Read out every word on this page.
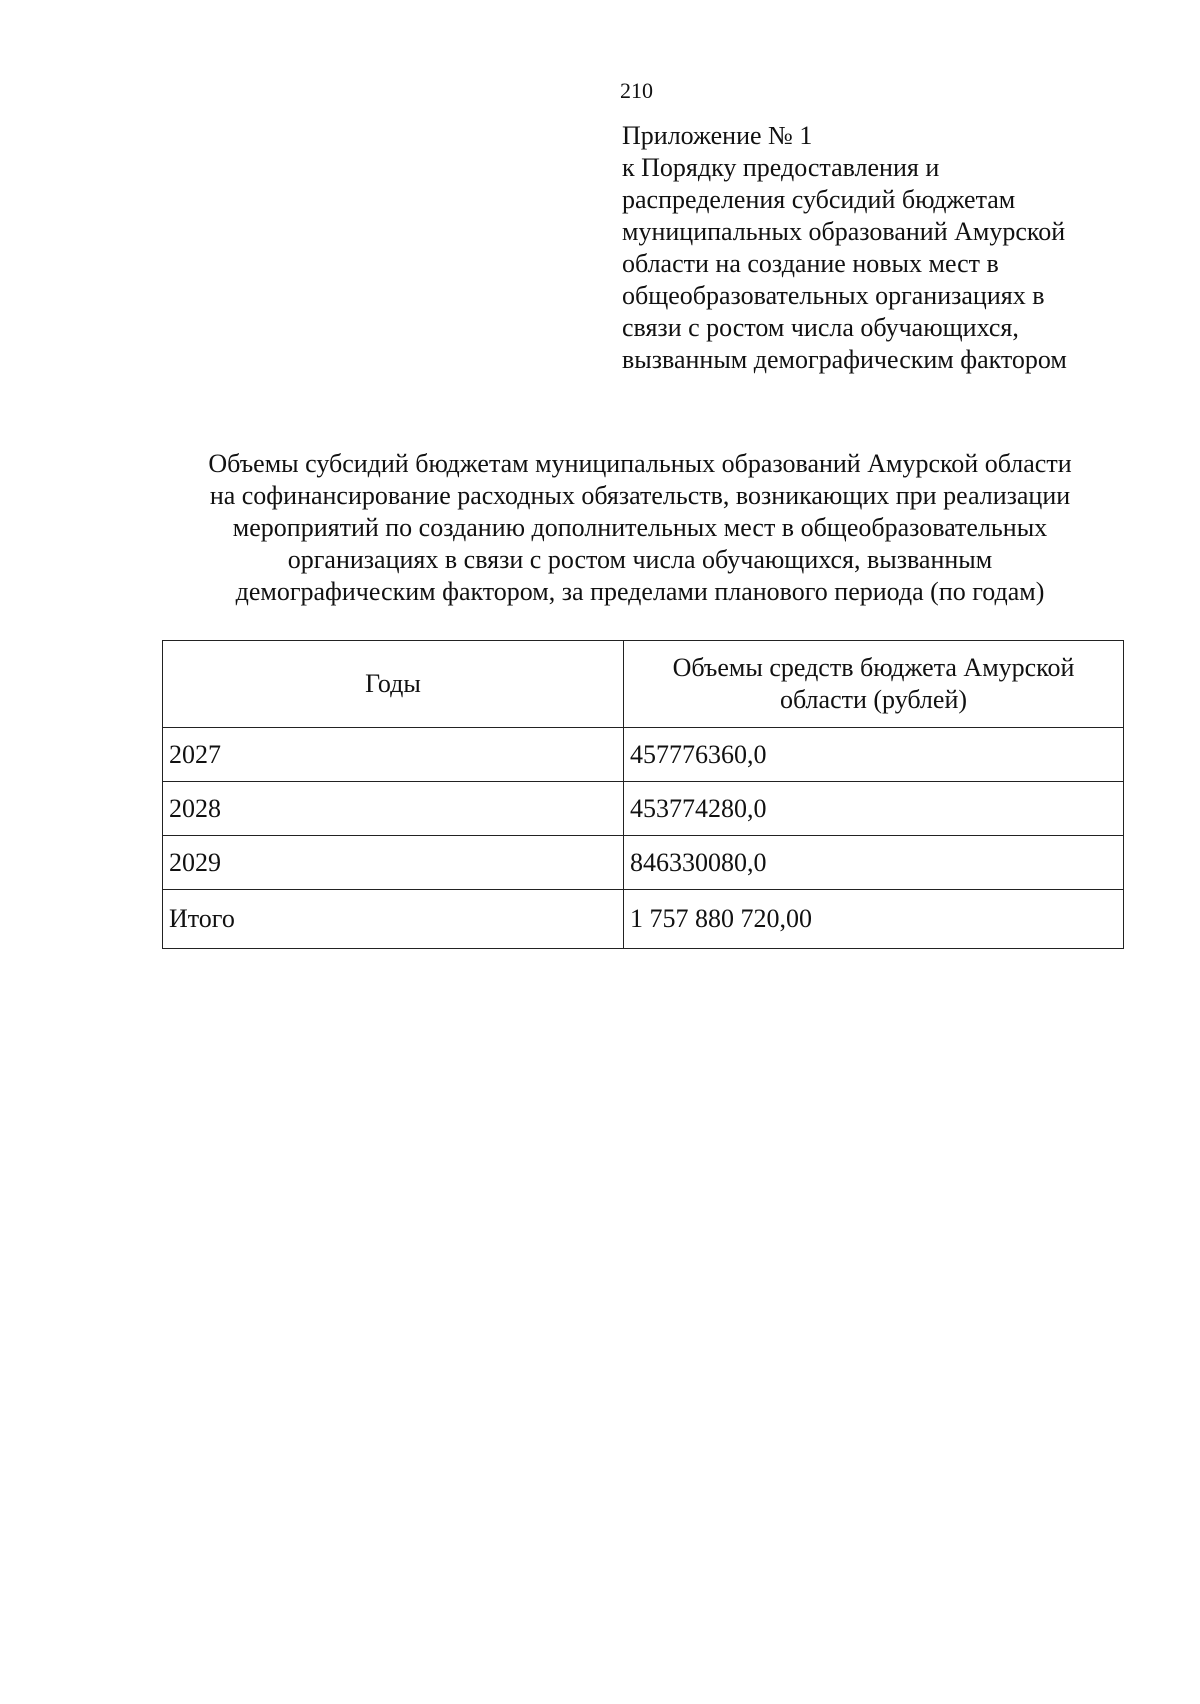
210
Приложение № 1
к Порядку предоставления и
распределения субсидий бюджетам
муниципальных образований Амурской
области на создание новых мест в
общеобразовательных организациях в
связи с ростом числа обучающихся,
вызванным демографическим фактором
Объемы субсидий бюджетам муниципальных образований Амурской области
на софинансирование расходных обязательств, возникающих при реализации
мероприятий по созданию дополнительных мест в общеобразовательных
организациях в связи с ростом числа обучающихся, вызванным
демографическим фактором, за пределами планового периода (по годам)
Годы	Объемы средств бюджета Амурской
области (рублей)

2027	457776360,0
2028	453774280,0
2029	846330080,0
Итого	1 757 880 720,00
